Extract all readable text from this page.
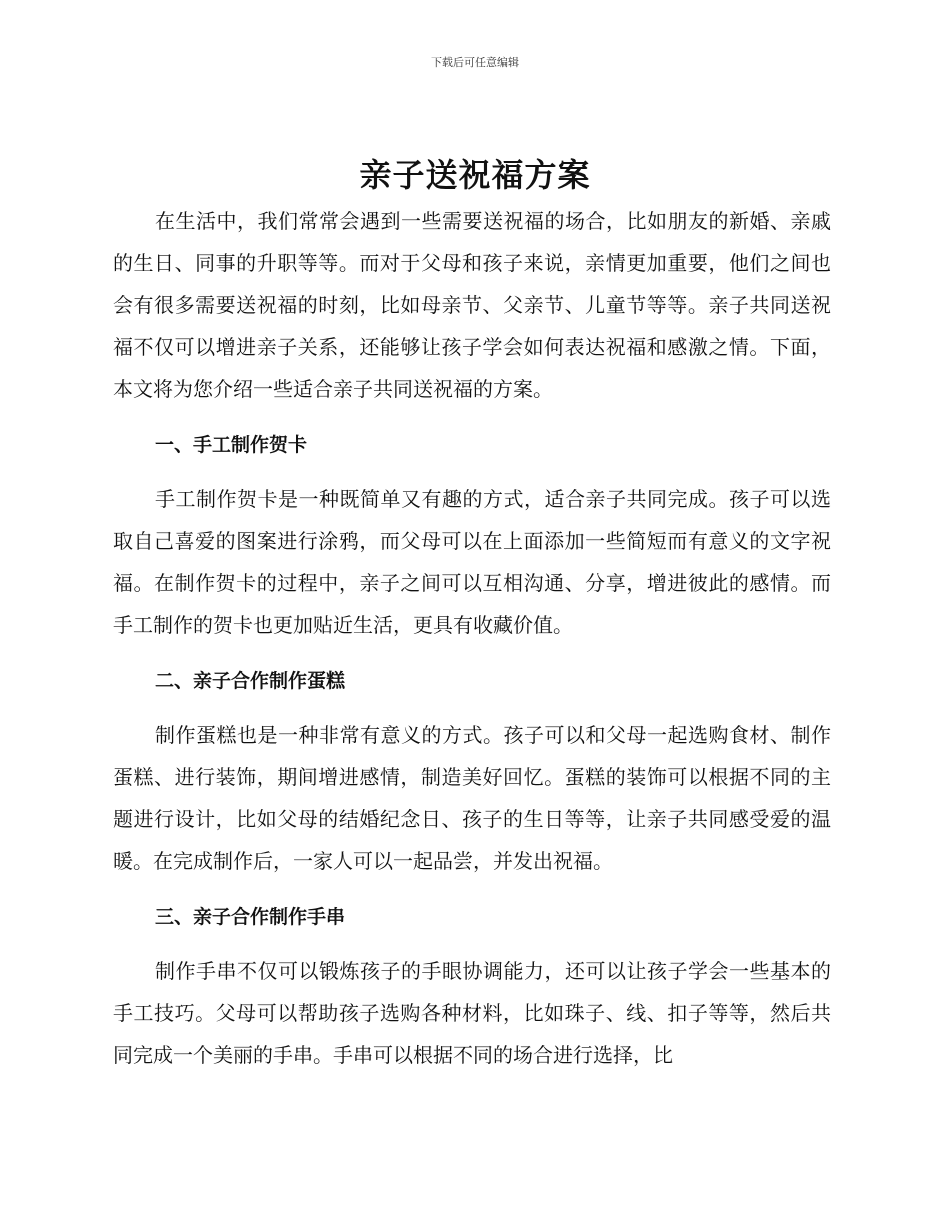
下载后可任意编辑
亲子送祝福方案

在生活中，我们常常会遇到一些需要送祝福的场合，比如朋友的新婚、亲戚的生日、同事的升职等等。而对于父母和孩子来说，亲情更加重要，他们之间也会有很多需要送祝福的时刻，比如母亲节、父亲节、儿童节等等。亲子共同送祝福不仅可以增进亲子关系，还能够让孩子学会如何表达祝福和感激之情。下面，本文将为您介绍一些适合亲子共同送祝福的方案。

一、手工制作贺卡

手工制作贺卡是一种既简单又有趣的方式，适合亲子共同完成。孩子可以选取自己喜爱的图案进行涂鸦，而父母可以在上面添加一些简短而有意义的文字祝福。在制作贺卡的过程中，亲子之间可以互相沟通、分享，增进彼此的感情。而手工制作的贺卡也更加贴近生活，更具有收藏价值。

二、亲子合作制作蛋糕

制作蛋糕也是一种非常有意义的方式。孩子可以和父母一起选购食材、制作蛋糕、进行装饰，期间增进感情，制造美好回忆。蛋糕的装饰可以根据不同的主题进行设计，比如父母的结婚纪念日、孩子的生日等等，让亲子共同感受爱的温暖。在完成制作后，一家人可以一起品尝，并发出祝福。

三、亲子合作制作手串

制作手串不仅可以锻炼孩子的手眼协调能力，还可以让孩子学会一些基本的手工技巧。父母可以帮助孩子选购各种材料，比如珠子、线、扣子等等，然后共同完成一个美丽的手串。手串可以根据不同的场合进行选择，比
